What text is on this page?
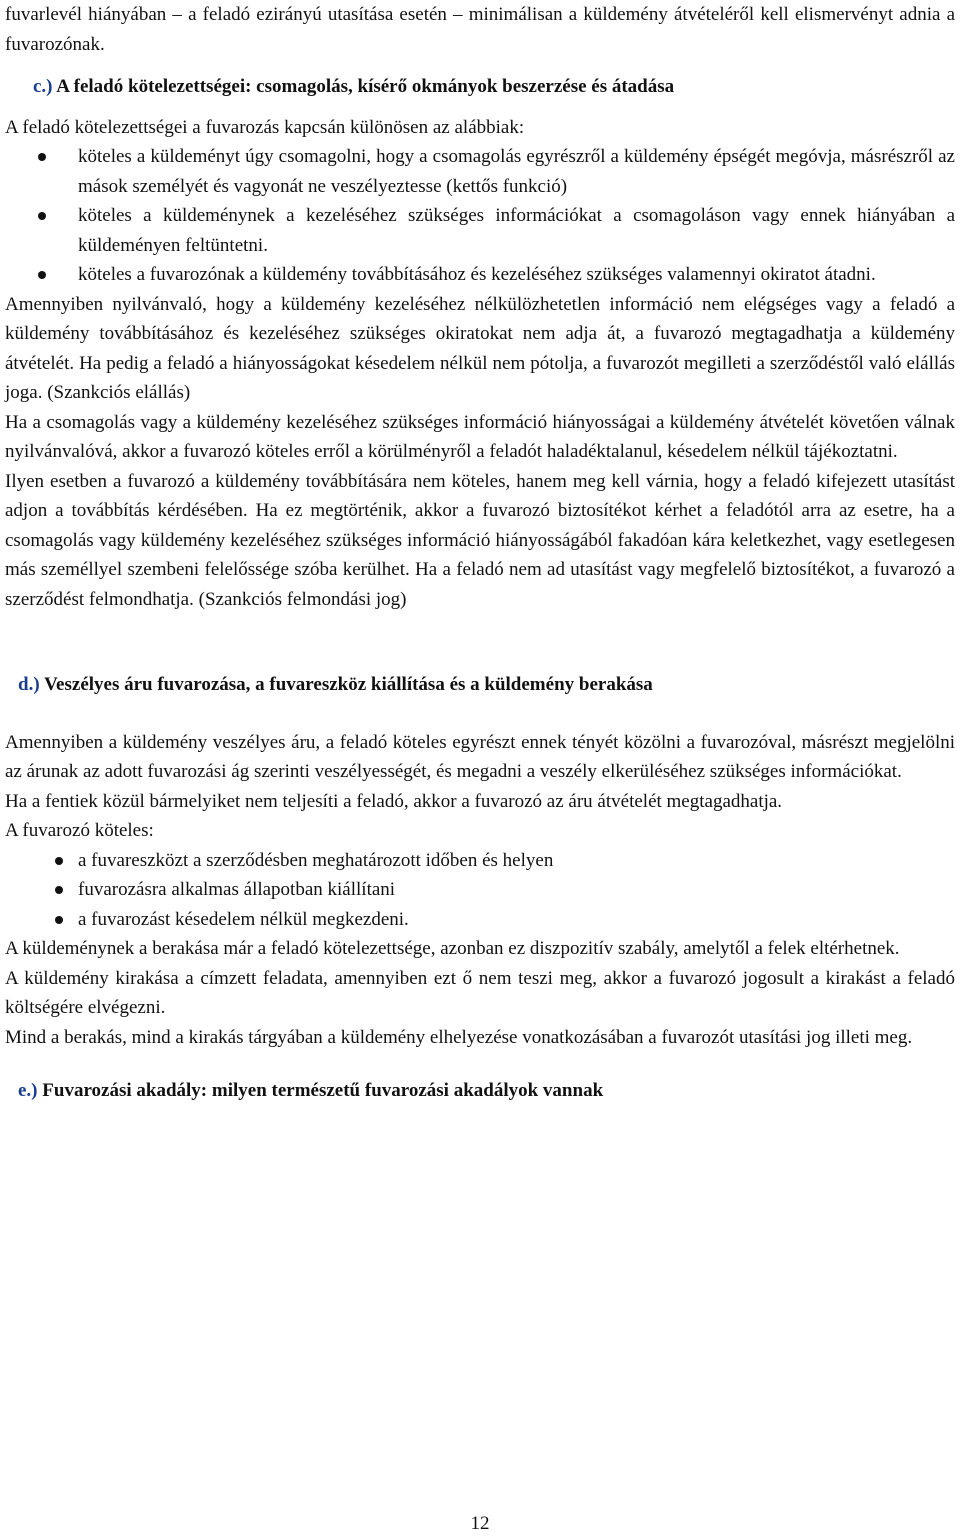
fuvarlevél hiányában – a feladó ezirányú utasítása esetén – minimálisan a küldemény átvételéről kell elismervényt adnia a fuvarozónak.

c.) A feladó kötelezettségei: csomagolás, kísérő okmányok beszerzése és átadása

A feladó kötelezettségei a fuvarozás kapcsán különösen az alábbiak:

köteles a küldeményt úgy csomagolni, hogy a csomagolás egyrészről a küldemény épségét megóvja, másrészről az mások személyét és vagyonát ne veszélyeztesse (kettős funkció)
köteles a küldeménynek a kezeléséhez szükséges információkat a csomagoláson vagy ennek hiányában a küldeményen feltüntetni.
köteles a fuvarozónak a küldemény továbbításához és kezeléséhez szükséges valamennyi okiratot átadni.

Amennyiben nyilvánvaló, hogy a küldemény kezeléséhez nélkülözhetetlen információ nem elégséges vagy a feladó a küldemény továbbításához és kezeléséhez szükséges okiratokat nem adja át, a fuvarozó megtagadhatja a küldemény átvételét. Ha pedig a feladó a hiányosságokat késedelem nélkül nem pótolja, a fuvarozót megilleti a szerződéstől való elállás joga. (Szankciós elállás)

Ha a csomagolás vagy a küldemény kezeléséhez szükséges információ hiányosságai a küldemény átvételét követően válnak nyilvánvalóvá, akkor a fuvarozó köteles erről a körülményről a feladót haladéktalanul, késedelem nélkül tájékoztatni.

Ilyen esetben a fuvarozó a küldemény továbbítására nem köteles, hanem meg kell várnia, hogy a feladó kifejezett utasítást adjon a továbbítás kérdésében. Ha ez megtörténik, akkor a fuvarozó biztosítékot kérhet a feladótól arra az esetre, ha a csomagolás vagy küldemény kezeléséhez szükséges információ hiányosságából fakadóan kára keletkezhet, vagy esetlegesen más személlyel szembeni felelőssége szóba kerülhet. Ha a feladó nem ad utasítást vagy megfelelő biztosítékot, a fuvarozó a szerződést felmondhatja. (Szankciós felmondási jog)

d.) Veszélyes áru fuvarozása, a fuvareszköz kiállítása és a küldemény berakása

Amennyiben a küldemény veszélyes áru, a feladó köteles egyrészt ennek tényét közölni a fuvarozóval, másrészt megjelölni az árunak az adott fuvarozási ág szerinti veszélyességét, és megadni a veszély elkerüléséhez szükséges információkat.

Ha a fentiek közül bármelyiket nem teljesíti a feladó, akkor a fuvarozó az áru átvételét megtagadhatja.

A fuvarozó köteles:

a fuvareszközt a szerződésben meghatározott időben és helyen
fuvarozásra alkalmas állapotban kiállítani
a fuvarozást késedelem nélkül megkezdeni.

A küldeménynek a berakása már a feladó kötelezettsége, azonban ez diszpozitív szabály, amelytől a felek eltérhetnek.

A küldemény kirakása a címzett feladata, amennyiben ezt ő nem teszi meg, akkor a fuvarozó jogosult a kirakást a feladó költségére elvégezni.

Mind a berakás, mind a kirakás tárgyában a küldemény elhelyezése vonatkozásában a fuvarozót utasítási jog illeti meg.

e.) Fuvarozási akadály: milyen természetű fuvarozási akadályok vannak
12
